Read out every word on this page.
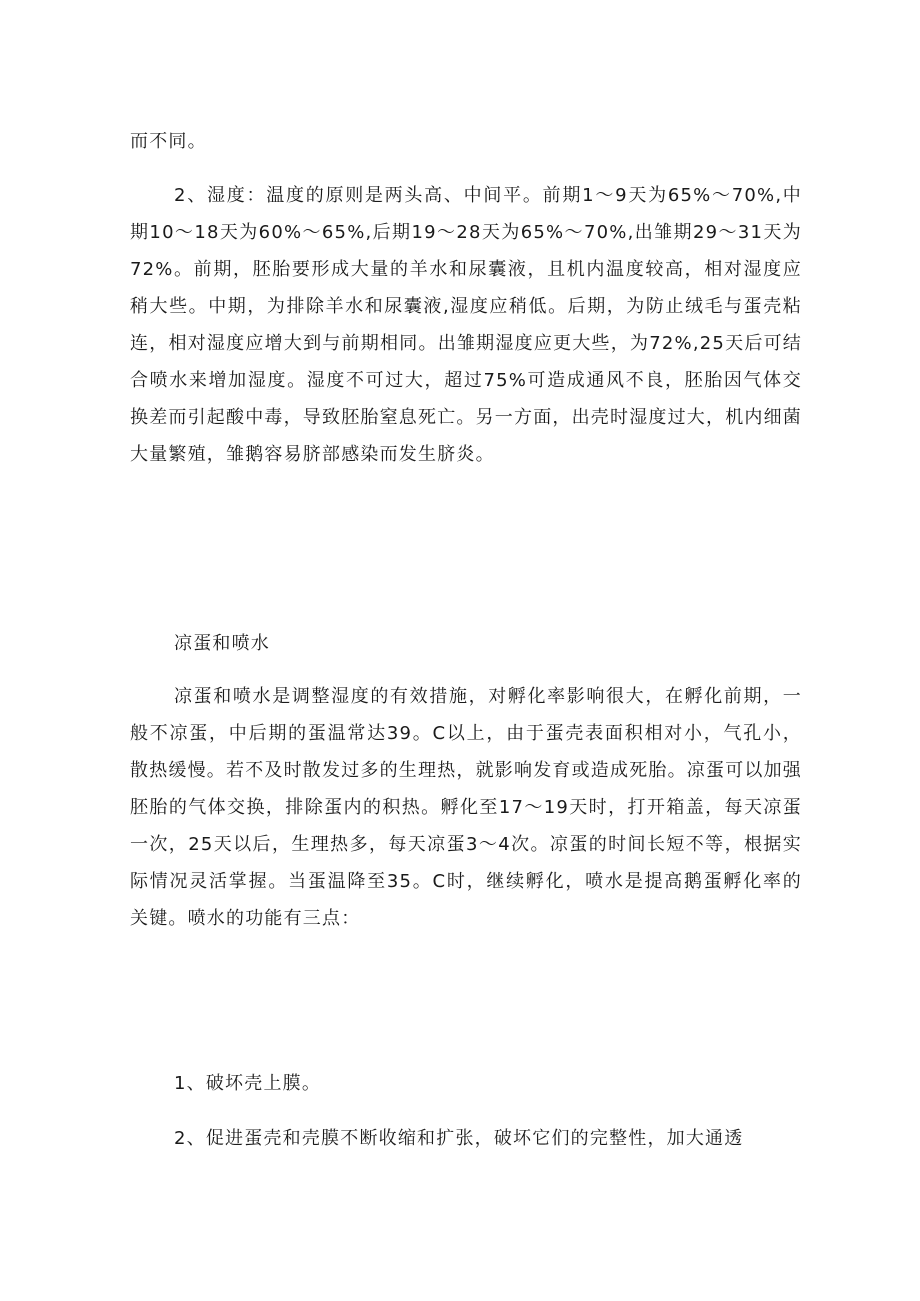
而不同。

2、湿度：温度的原则是两头高、中间平。前期1〜9天为65%〜70%,中期10〜18天为60%〜65%,后期19〜28天为65%〜70%,出雏期29〜31天为72%。前期，胚胎要形成大量的羊水和尿囊液，且机内温度较高，相对湿度应稍大些。中期，为排除羊水和尿囊液,湿度应稍低。后期，为防止绒毛与蛋壳粘连，相对湿度应增大到与前期相同。出雏期湿度应更大些，为72%,25天后可结合喷水来增加湿度。湿度不可过大，超过75%可造成通风不良，胚胎因气体交换差而引起酸中毒，导致胚胎窒息死亡。另一方面，出壳时湿度过大，机内细菌大量繁殖，雏鹅容易脐部感染而发生脐炎。

凉蛋和喷水

凉蛋和喷水是调整湿度的有效措施，对孵化率影响很大，在孵化前期，一般不凉蛋，中后期的蛋温常达39。C以上，由于蛋壳表面积相对小，气孔小，散热缓慢。若不及时散发过多的生理热，就影响发育或造成死胎。凉蛋可以加强胚胎的气体交换，排除蛋内的积热。孵化至17〜19天时，打开箱盖，每天凉蛋一次，25天以后，生理热多，每天凉蛋3〜4次。凉蛋的时间长短不等，根据实际情况灵活掌握。当蛋温降至35。C时，继续孵化，喷水是提高鹅蛋孵化率的关键。喷水的功能有三点：

1、破坏壳上膜。

2、促进蛋壳和壳膜不断收缩和扩张，破坏它们的完整性，加大通透
